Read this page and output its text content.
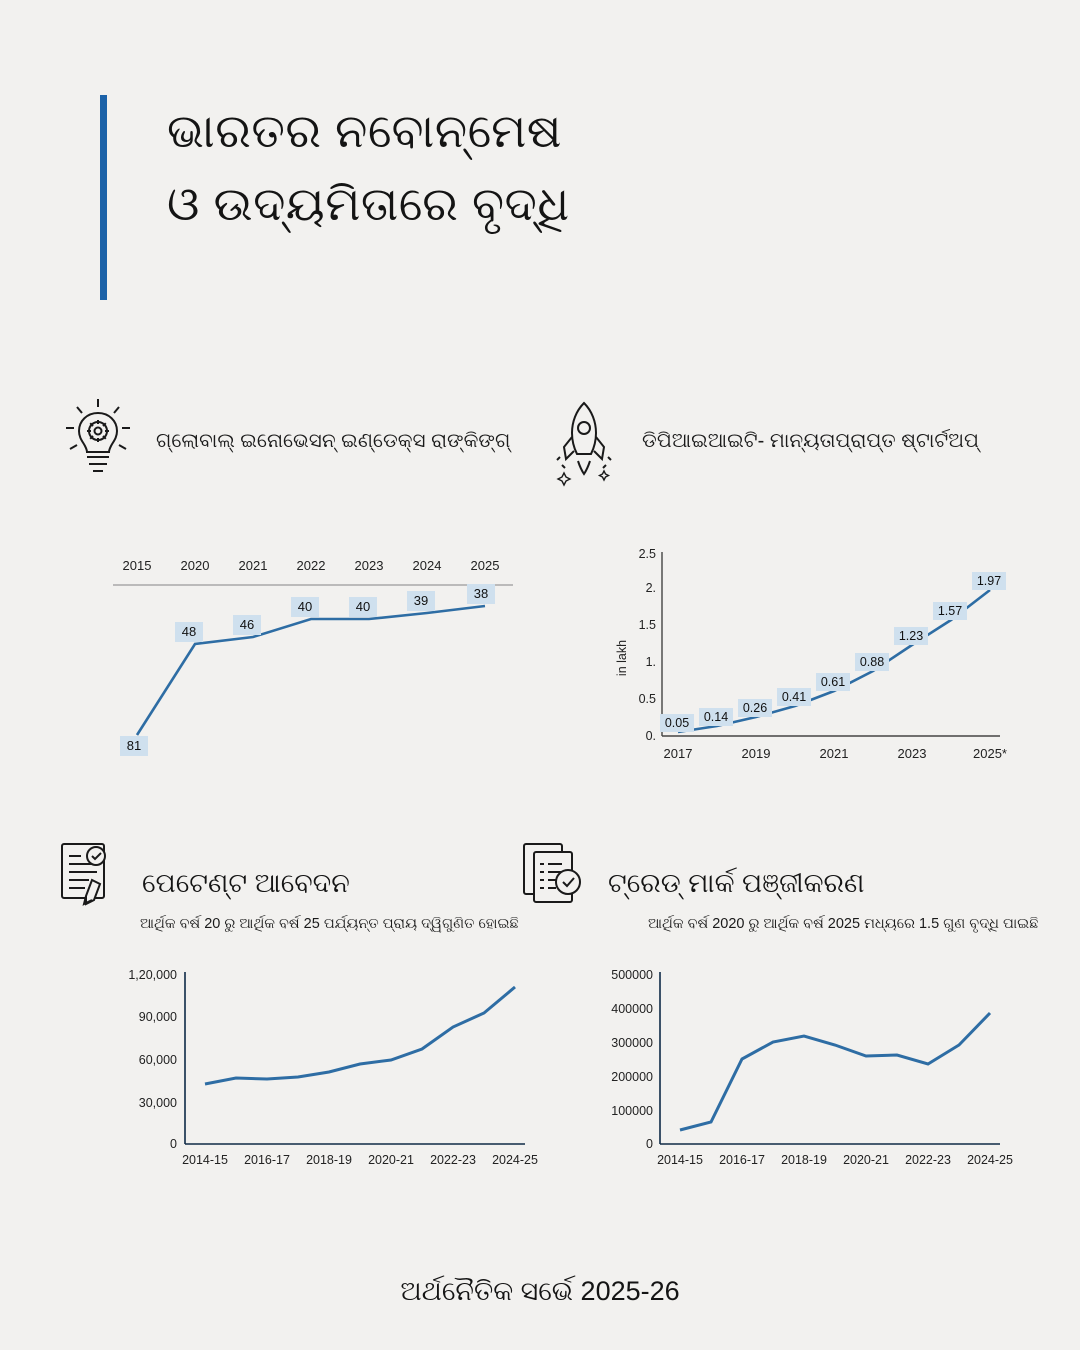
ଭାରତର ନବୋନ୍ମେଷ
ଓ ଉଦ୍ୟମିତାରେ ବୃଦ୍ଧି
ଗ୍ଲୋବାଲ୍ ଇନୋଭେସନ୍ ଇଣ୍ଡେକ୍ସ ରାଙ୍କିଙ୍ଗ୍	ଡିପିଆଇଆଇଟି- ମାନ୍ୟତାପ୍ରାପ୍ତ ଷ୍ଟାର୍ଟଅପ୍
2015 2020 2021 2022 2023 2024 2025
81
48	46
40	40	39	38
0.
0.5
1.
1.5
2.
2.5
in lakh
2017	2019	2021	2023	2025*
0.05 0.14
0.26
0.41
0.61
0.88
1.23
1.57
1.97
ପେଟେଣ୍ଟ ଆବେଦନ
ଆର୍ଥିକ ବର୍ଷ 20 ରୁ ଆର୍ଥିକ ବର୍ଷ 25 ପର୍ଯ୍ୟନ୍ତ ପ୍ରାୟ ଦ୍ୱିଗୁଣିତ ହୋଇଛି
ଟ୍ରେଡ୍ ମାର୍କ ପଞ୍ଜୀକରଣ
ଆର୍ଥିକ ବର୍ଷ 2020 ରୁ ଆର୍ଥିକ ବର୍ଷ 2025 ମଧ୍ୟରେ 1.5 ଗୁଣ ବୃଦ୍ଧି ପାଇଛି
0
30,000
60,000
90,000
1,20,000
2014-15 2016-17 2018-19 2020-21 2022-23 2024-25
0
100000
200000
300000
400000
500000
2014-15 2016-17 2018-19 2020-21 2022-23 2024-25
ଅର୍ଥନୈତିକ ସର୍ଭେ 2025-26
